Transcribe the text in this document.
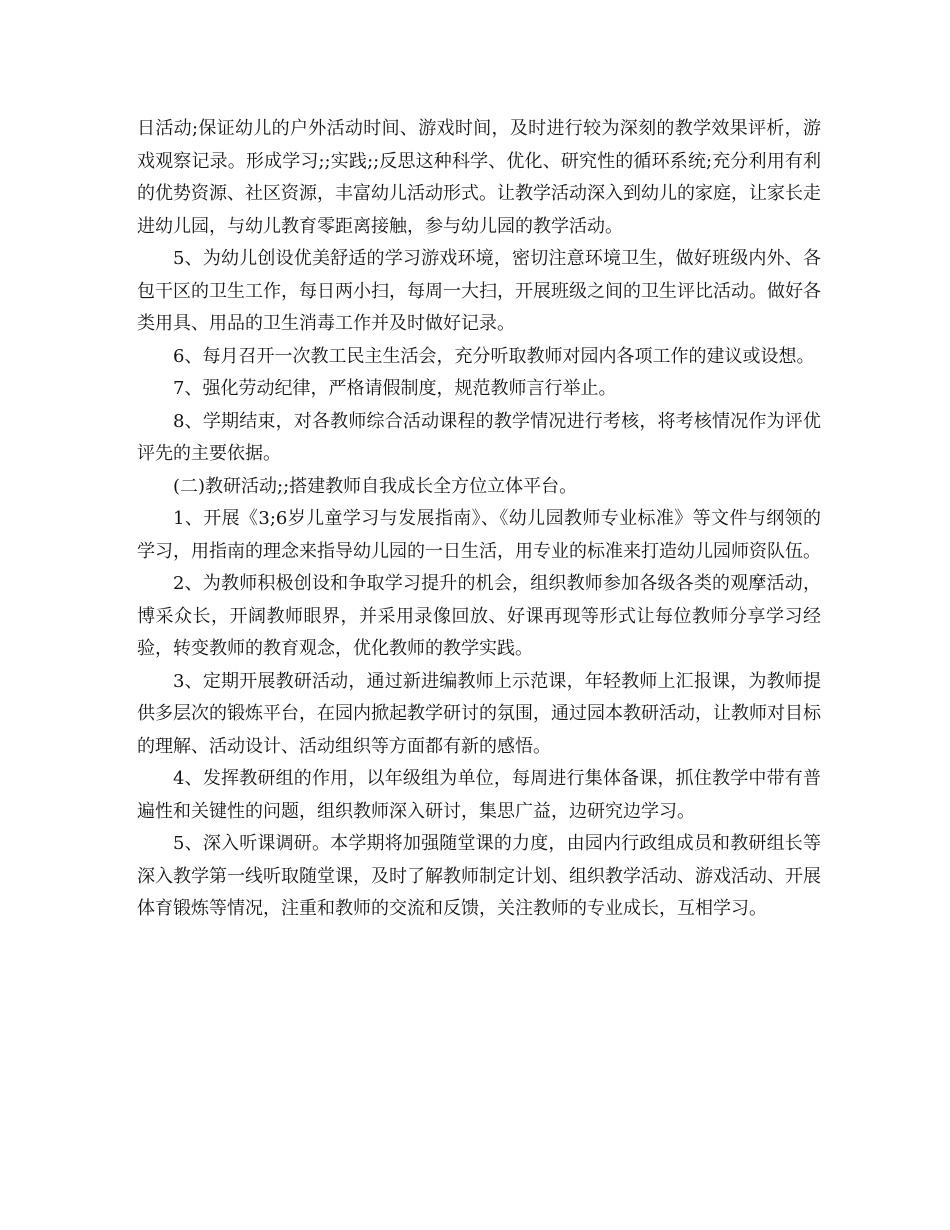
日活动;保证幼儿的户外活动时间、游戏时间，及时进行较为深刻的教学效果评析，游戏观察记录。形成学习;;实践;;反思这种科学、优化、研究性的循环系统;充分利用有利的优势资源、社区资源，丰富幼儿活动形式。让教学活动深入到幼儿的家庭，让家长走进幼儿园，与幼儿教育零距离接触，参与幼儿园的教学活动。

5、为幼儿创设优美舒适的学习游戏环境，密切注意环境卫生，做好班级内外、各包干区的卫生工作，每日两小扫，每周一大扫，开展班级之间的卫生评比活动。做好各类用具、用品的卫生消毒工作并及时做好记录。

6、每月召开一次教工民主生活会，充分听取教师对园内各项工作的建议或设想。

7、强化劳动纪律，严格请假制度，规范教师言行举止。

8、学期结束，对各教师综合活动课程的教学情况进行考核，将考核情况作为评优评先的主要依据。

(二)教研活动;;搭建教师自我成长全方位立体平台。

1、开展《3;6岁儿童学习与发展指南》、《幼儿园教师专业标准》等文件与纲领的学习，用指南的理念来指导幼儿园的一日生活，用专业的标准来打造幼儿园师资队伍。

2、为教师积极创设和争取学习提升的机会，组织教师参加各级各类的观摩活动，博采众长，开阔教师眼界，并采用录像回放、好课再现等形式让每位教师分享学习经验，转变教师的教育观念，优化教师的教学实践。

3、定期开展教研活动，通过新进编教师上示范课，年轻教师上汇报课，为教师提供多层次的锻炼平台，在园内掀起教学研讨的氛围，通过园本教研活动，让教师对目标的理解、活动设计、活动组织等方面都有新的感悟。

4、发挥教研组的作用，以年级组为单位，每周进行集体备课，抓住教学中带有普遍性和关键性的问题，组织教师深入研讨，集思广益，边研究边学习。

5、深入听课调研。本学期将加强随堂课的力度，由园内行政组成员和教研组长等深入教学第一线听取随堂课，及时了解教师制定计划、组织教学活动、游戏活动、开展体育锻炼等情况，注重和教师的交流和反馈，关注教师的专业成长，互相学习。
